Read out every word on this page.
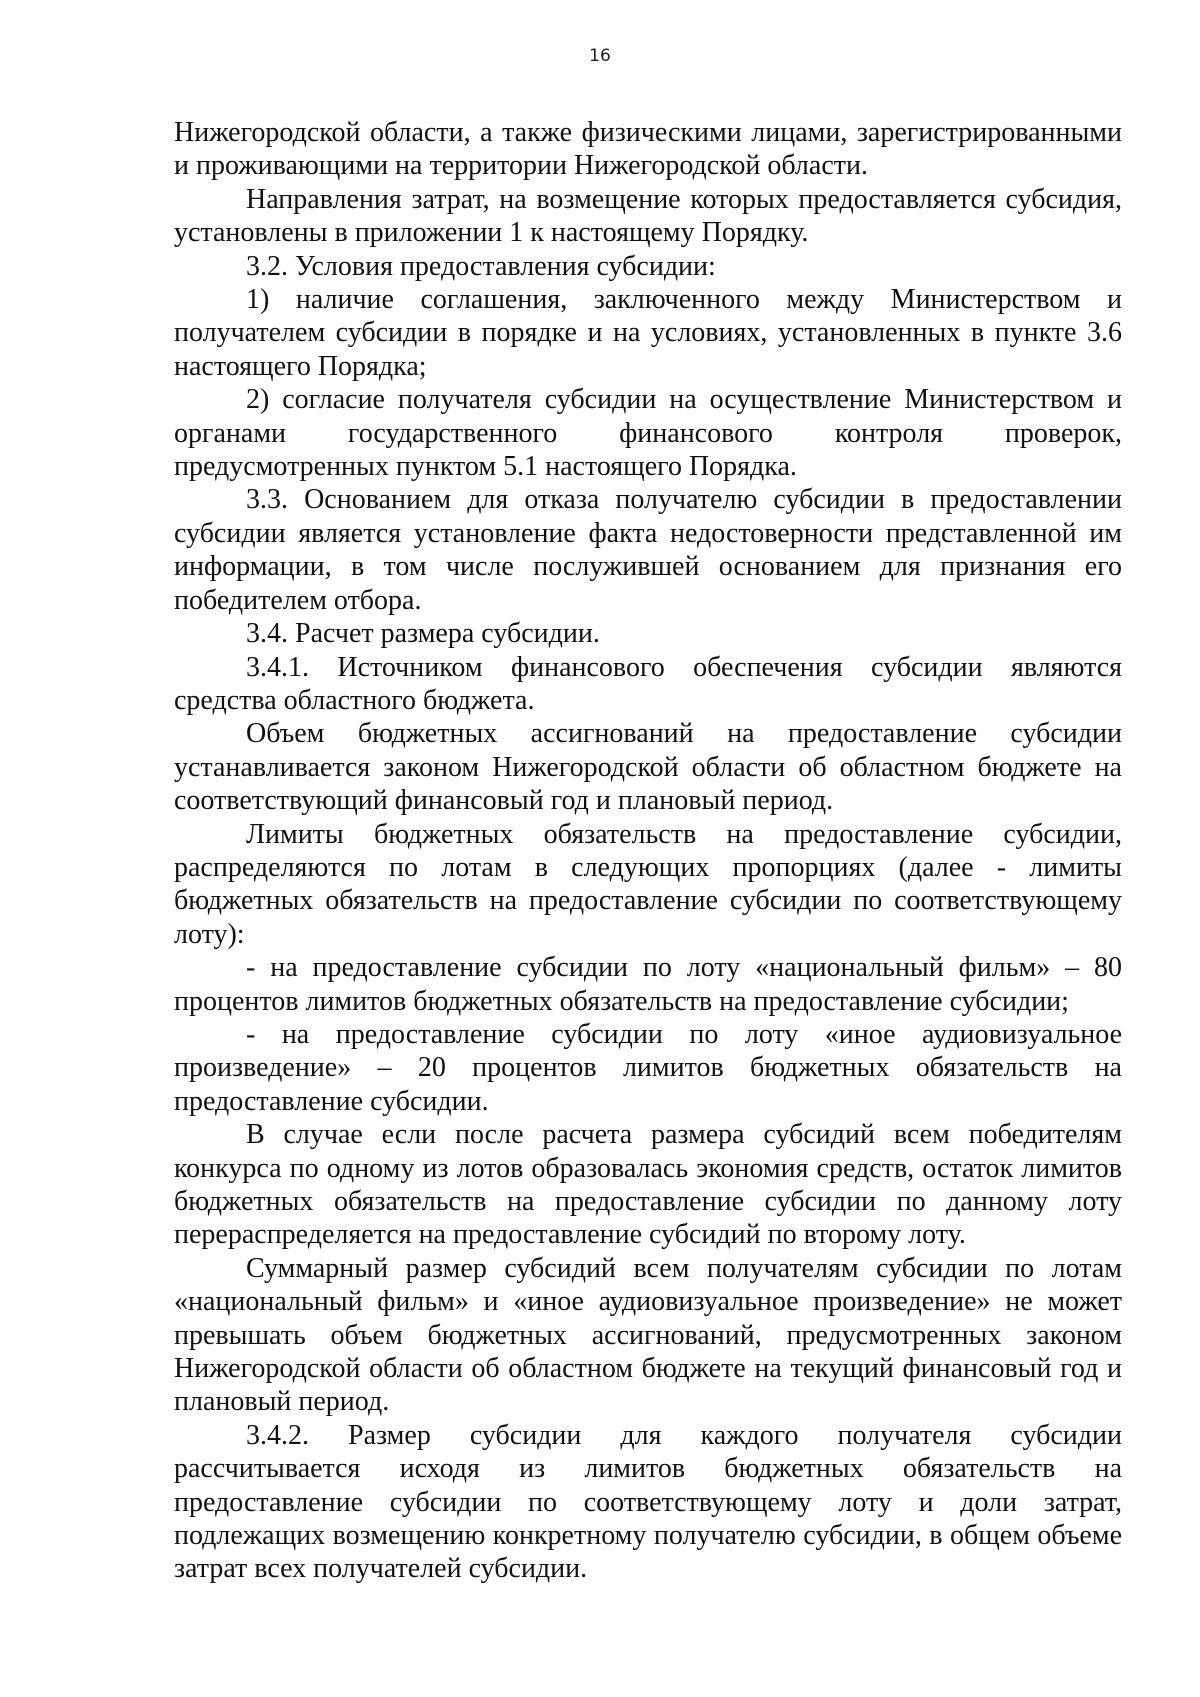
16

Нижегородской области, а также физическими лицами, зарегистрированными и проживающими на территории Нижегородской области.

Направления затрат, на возмещение которых предоставляется субсидия, установлены в приложении 1 к настоящему Порядку.

3.2. Условия предоставления субсидии:

1) наличие соглашения, заключенного между Министерством и получателем субсидии в порядке и на условиях, установленных в пункте 3.6 настоящего Порядка;

2) согласие получателя субсидии на осуществление Министерством и органами государственного финансового контроля проверок, предусмотренных пунктом 5.1 настоящего Порядка.

3.3. Основанием для отказа получателю субсидии в предоставлении субсидии является установление факта недостоверности представленной им информации, в том числе послужившей основанием для признания его победителем отбора.

3.4. Расчет размера субсидии.

3.4.1. Источником финансового обеспечения субсидии являются средства областного бюджета.

Объем бюджетных ассигнований на предоставление субсидии устанавливается законом Нижегородской области об областном бюджете на соответствующий финансовый год и плановый период.

Лимиты бюджетных обязательств на предоставление субсидии, распределяются по лотам в следующих пропорциях (далее - лимиты бюджетных обязательств на предоставление субсидии по соответствующему лоту):

- на предоставление субсидии по лоту «национальный фильм» – 80 процентов лимитов бюджетных обязательств на предоставление субсидии;

- на предоставление субсидии по лоту «иное аудиовизуальное произведение» – 20 процентов лимитов бюджетных обязательств на предоставление субсидии.

В случае если после расчета размера субсидий всем победителям конкурса по одному из лотов образовалась экономия средств, остаток лимитов бюджетных обязательств на предоставление субсидии по данному лоту перераспределяется на предоставление субсидий по второму лоту.

Суммарный размер субсидий всем получателям субсидии по лотам «национальный фильм» и «иное аудиовизуальное произведение» не может превышать объем бюджетных ассигнований, предусмотренных законом Нижегородской области об областном бюджете на текущий финансовый год и плановый период.

3.4.2. Размер субсидии для каждого получателя субсидии рассчитывается исходя из лимитов бюджетных обязательств на предоставление субсидии по соответствующему лоту и доли затрат, подлежащих возмещению конкретному получателю субсидии, в общем объеме затрат всех получателей субсидии.
